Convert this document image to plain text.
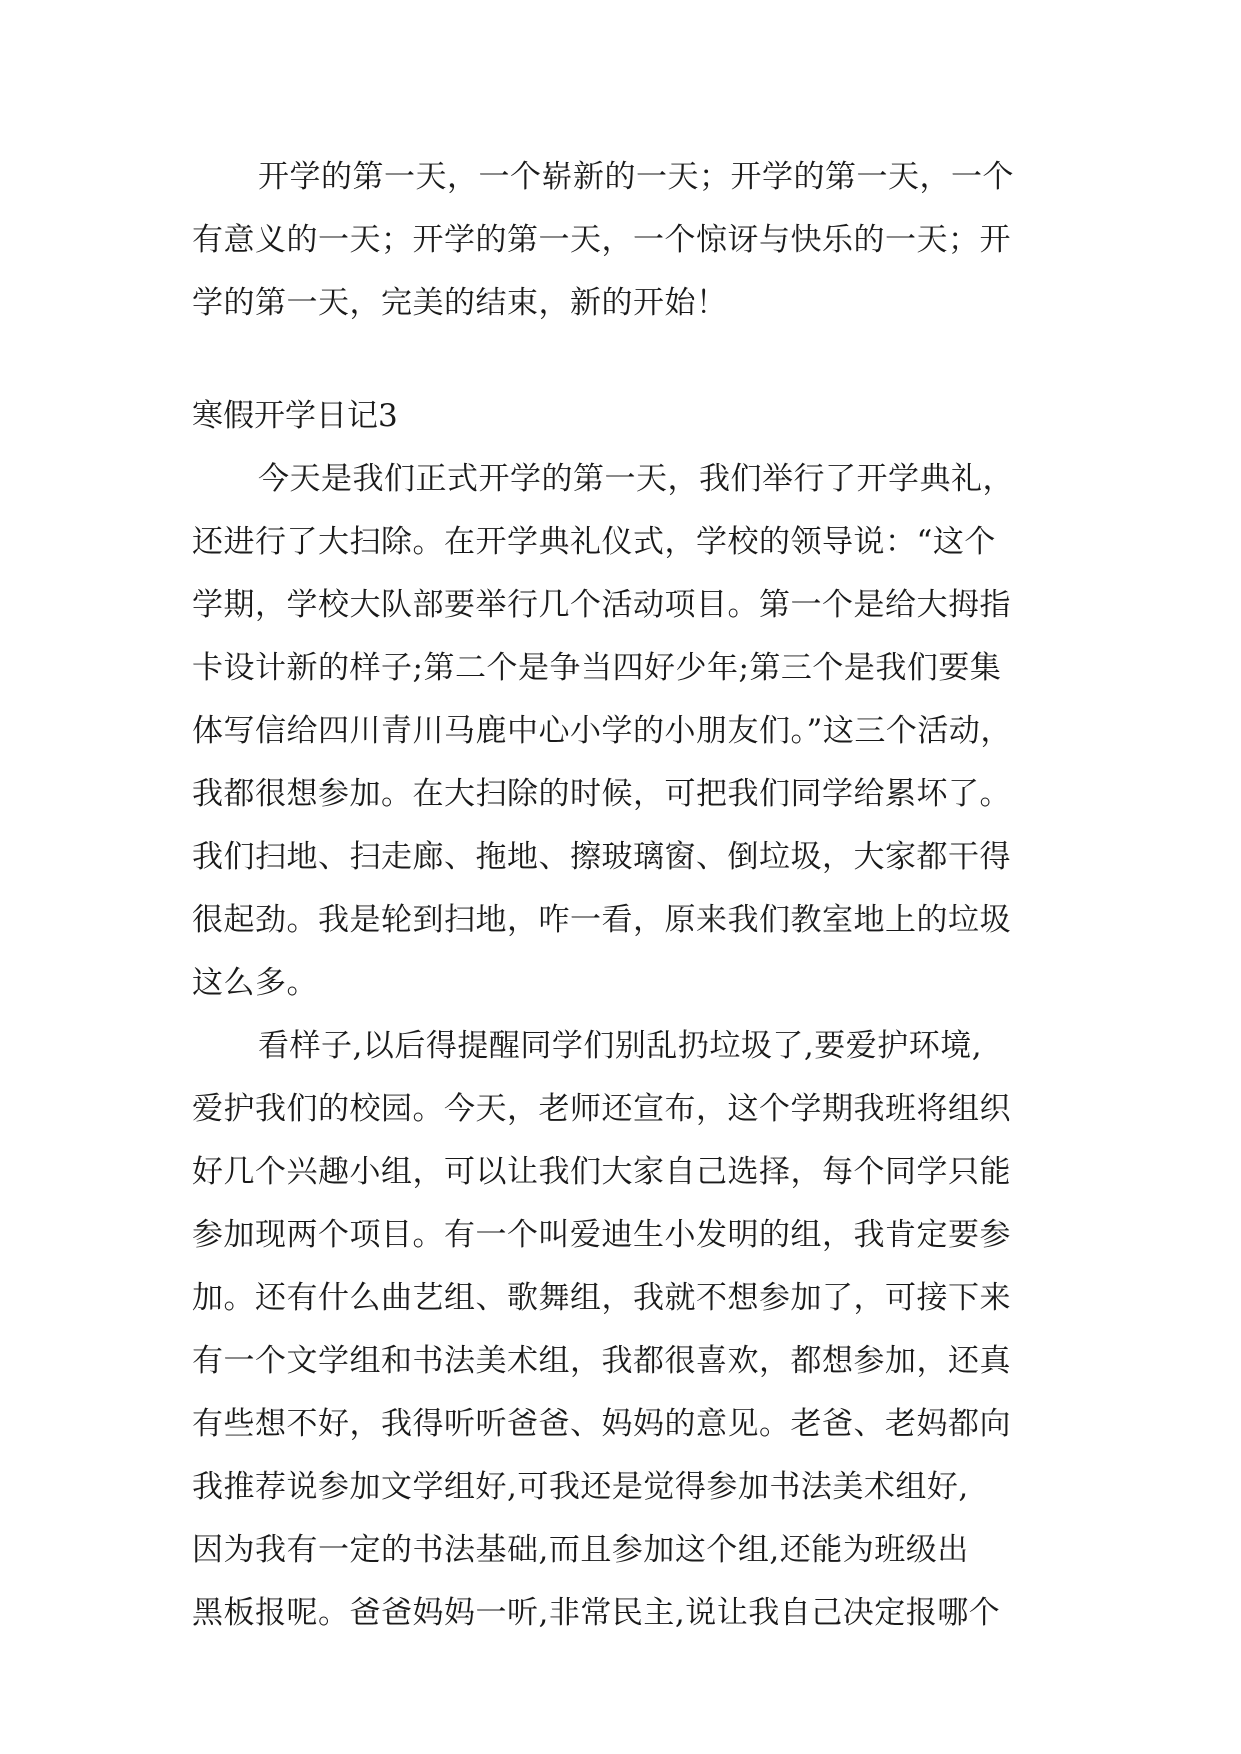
开学的第一天，一个崭新的一天；开学的第一天，一个
有意义的一天；开学的第一天，一个惊讶与快乐的一天；开
学的第一天，完美的结束，新的开始！
寒假开学日记3
今天是我们正式开学的第一天，我们举行了开学典礼，
还进行了大扫除。在开学典礼仪式，学校的领导说：“这个
学期，学校大队部要举行几个活动项目。第一个是给大拇指
卡设计新的样子;第二个是争当四好少年;第三个是我们要集
体写信给四川青川马鹿中心小学的小朋友们。”这三个活动，
我都很想参加。在大扫除的时候，可把我们同学给累坏了。
我们扫地、扫走廊、拖地、擦玻璃窗、倒垃圾，大家都干得
很起劲。我是轮到扫地，咋一看，原来我们教室地上的垃圾
这么多。
看样子,以后得提醒同学们别乱扔垃圾了,要爱护环境,
爱护我们的校园。今天，老师还宣布，这个学期我班将组织
好几个兴趣小组，可以让我们大家自己选择，每个同学只能
参加现两个项目。有一个叫爱迪生小发明的组，我肯定要参
加。还有什么曲艺组、歌舞组，我就不想参加了，可接下来
有一个文学组和书法美术组，我都很喜欢，都想参加，还真
有些想不好，我得听听爸爸、妈妈的意见。老爸、老妈都向
我推荐说参加文学组好,可我还是觉得参加书法美术组好,
因为我有一定的书法基础,而且参加这个组,还能为班级出
黑板报呢。爸爸妈妈一听,非常民主,说让我自己决定报哪个
